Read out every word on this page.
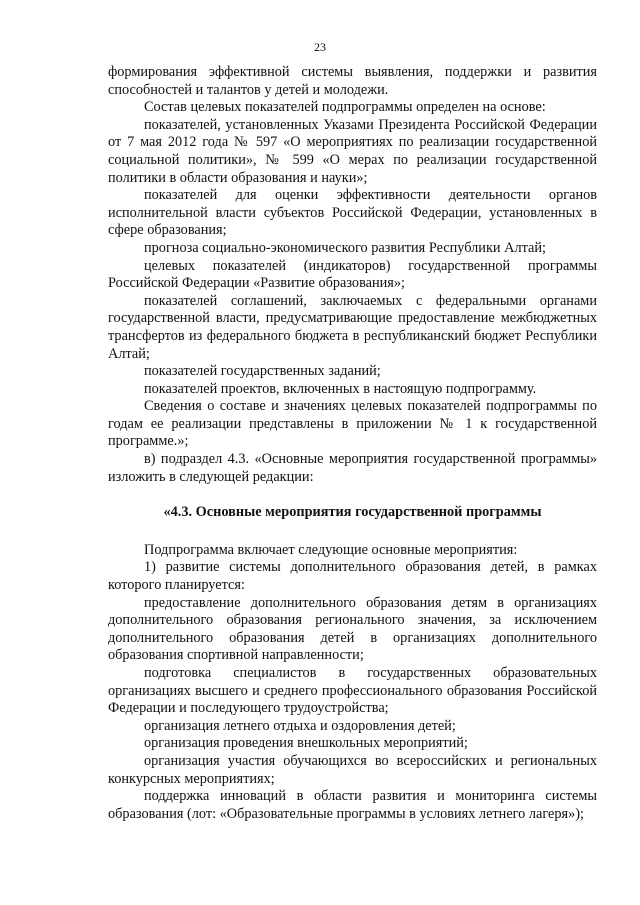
23

формирования эффективной системы выявления, поддержки и развития способностей и талантов у детей и молодежи.

Состав целевых показателей подпрограммы определен на основе:

показателей, установленных Указами Президента Российской Федерации от 7 мая 2012 года № 597 «О мероприятиях по реализации государственной социальной политики», № 599 «О мерах по реализации государственной политики в области образования и науки»;

показателей для оценки эффективности деятельности органов исполнительной власти субъектов Российской Федерации, установленных в сфере образования;

прогноза социально-экономического развития Республики Алтай;

целевых показателей (индикаторов) государственной программы Российской Федерации «Развитие образования»;

показателей соглашений, заключаемых с федеральными органами государственной власти, предусматривающие предоставление межбюджетных трансфертов из федерального бюджета в республиканский бюджет Республики Алтай;

показателей государственных заданий;

показателей проектов, включенных в настоящую подпрограмму.

Сведения о составе и значениях целевых показателей подпрограммы по годам ее реализации представлены в приложении № 1 к государственной программе.»;

в) подраздел 4.3. «Основные мероприятия государственной программы» изложить в следующей редакции:

«4.3. Основные мероприятия государственной программы

Подпрограмма включает следующие основные мероприятия:

1) развитие системы дополнительного образования детей, в рамках которого планируется:

предоставление дополнительного образования детям в организациях дополнительного образования регионального значения, за исключением дополнительного образования детей в организациях дополнительного образования спортивной направленности;

подготовка специалистов в государственных образовательных организациях высшего и среднего профессионального образования Российской Федерации и последующего трудоустройства;

организация летнего отдыха и оздоровления детей;

организация проведения внешкольных мероприятий;

организация участия обучающихся во всероссийских и региональных конкурсных мероприятиях;

поддержка инноваций в области развития и мониторинга системы образования (лот: «Образовательные программы в условиях летнего лагеря»);
